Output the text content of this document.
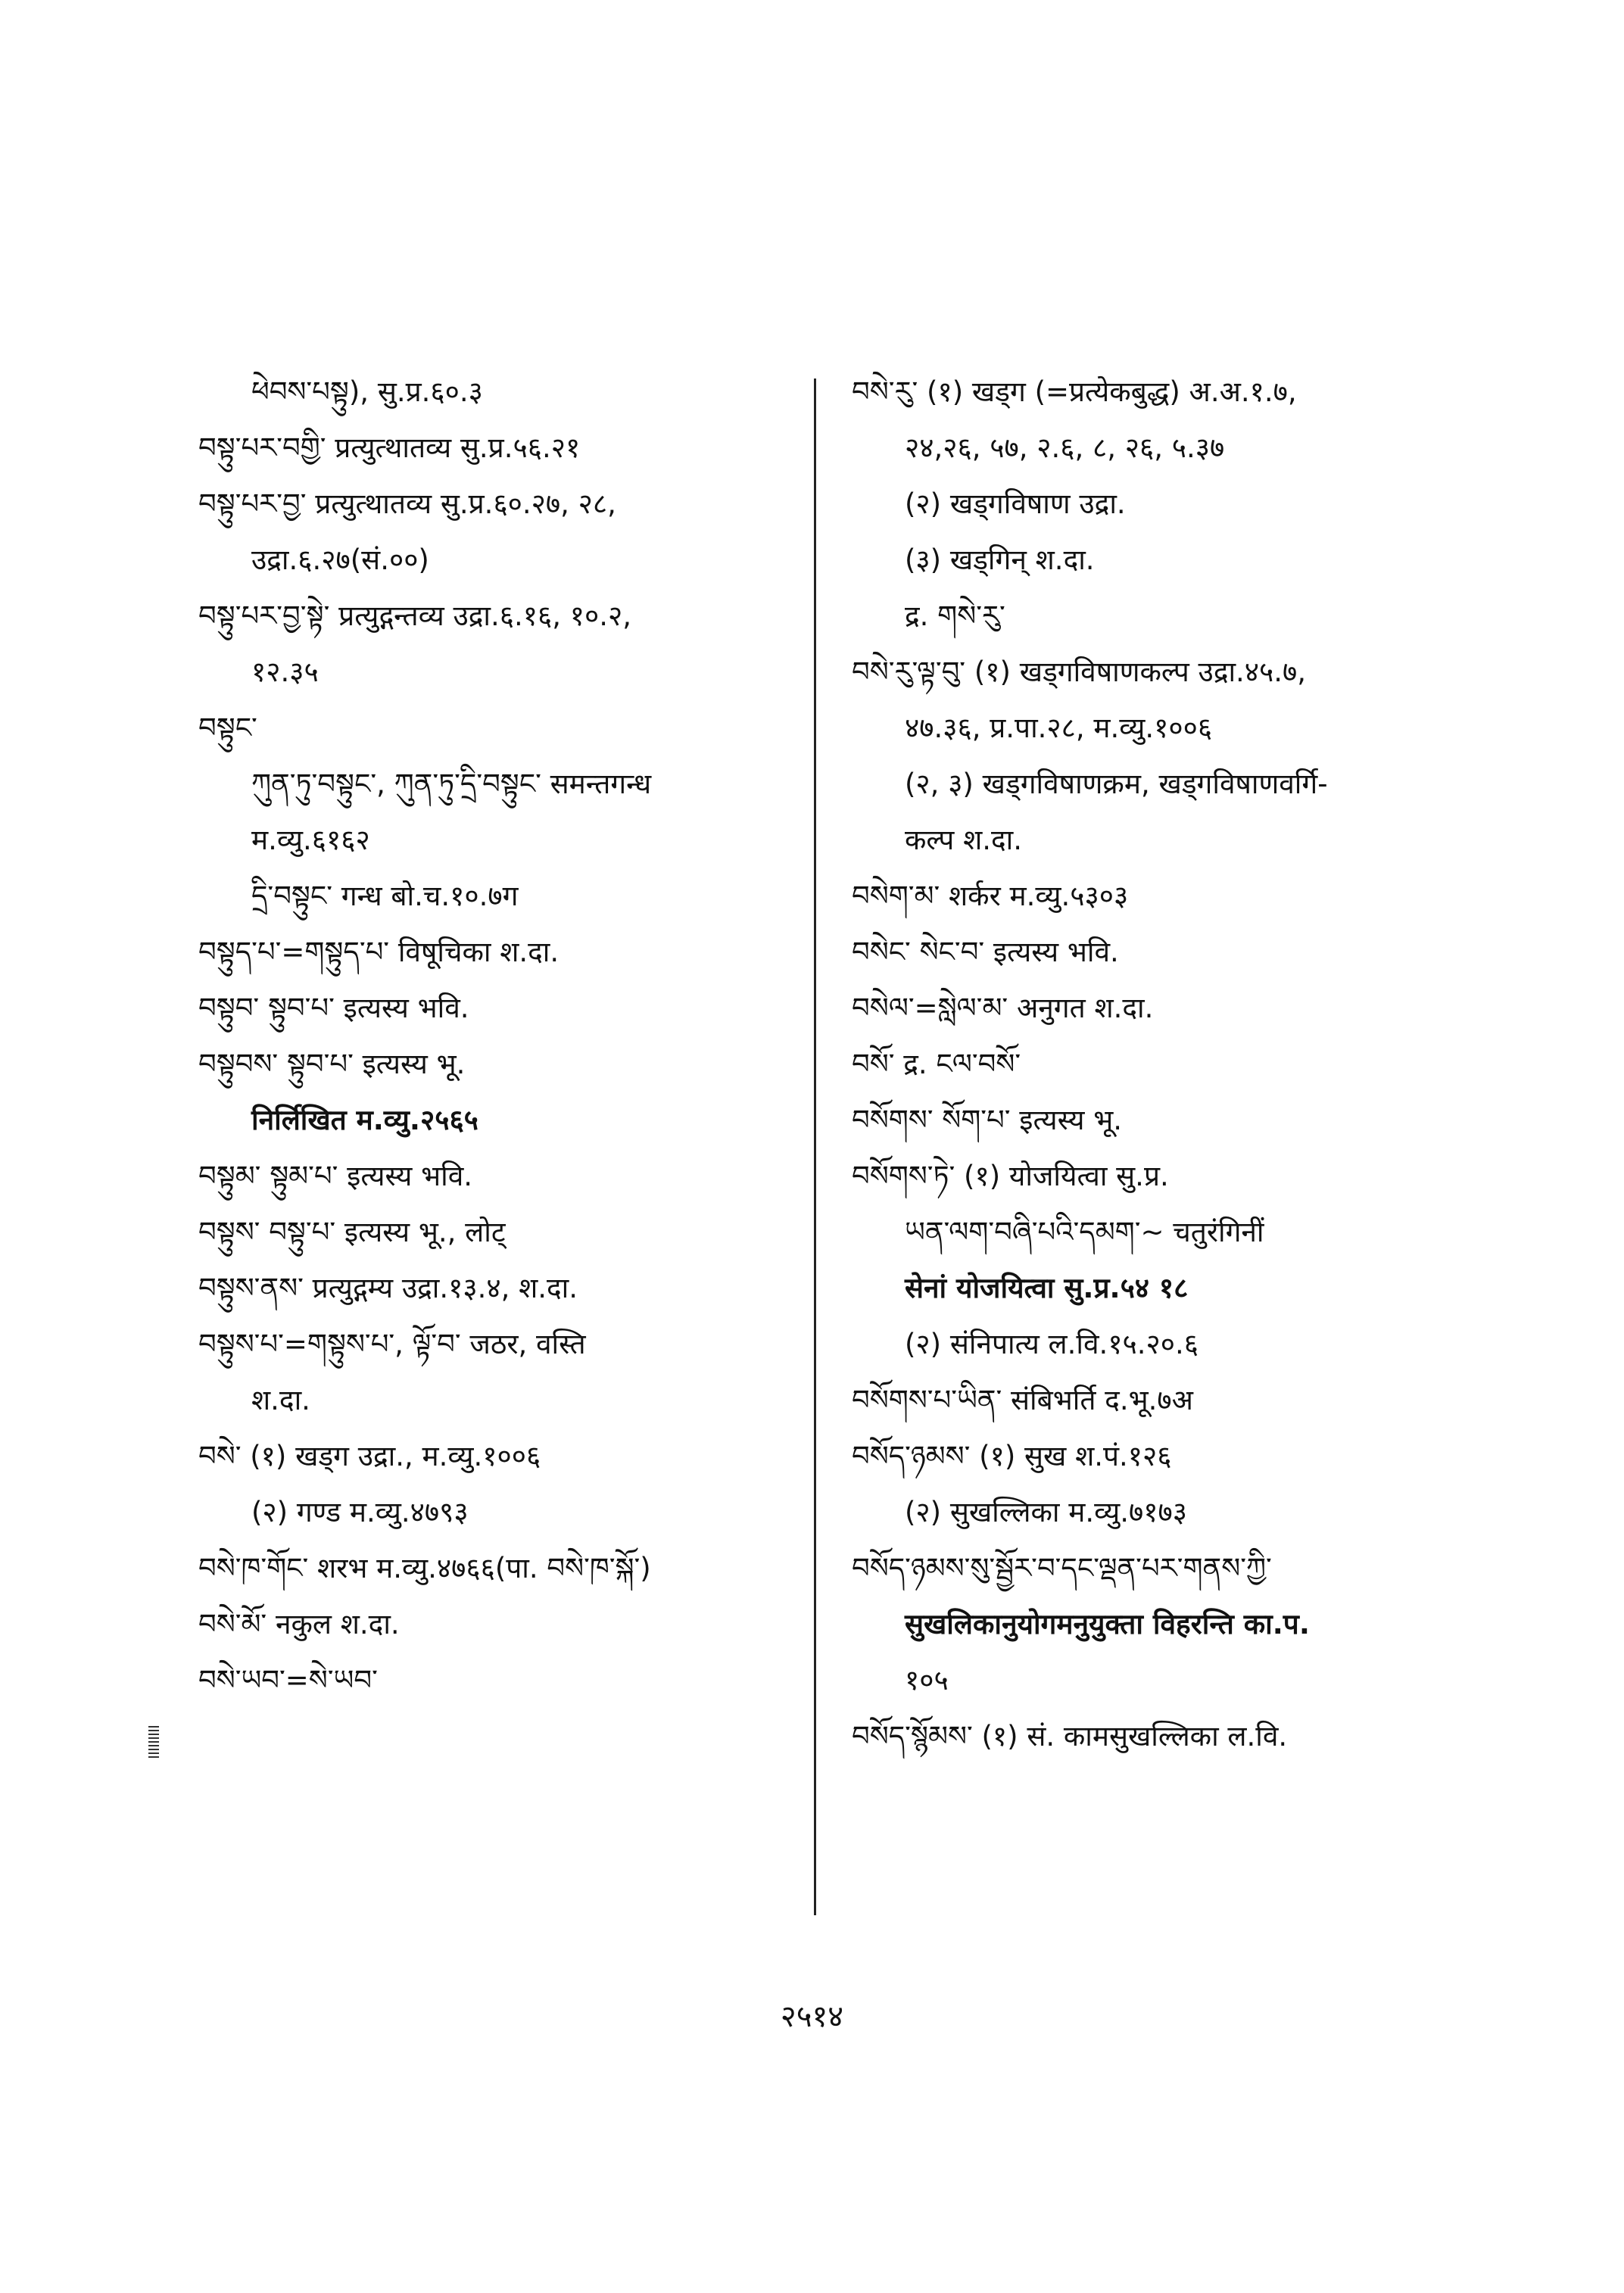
ཕེབས་པསྟུ), सु.प्र.६०.३
བསྟུ་པར་བགྱི་ प्रत्युत्थातव्य सु.प्र.५६.२१
བསྟུ་པར་བྱ་ प्रत्युत्थातव्य सु.प्र.६०.२७, २८,
उद्रा.६.२७(सं.००)
བསྟུ་པར་བྱ་སྟེ་ प्रत्युद्गन्तव्य उद्रा.६.१६, १०.२,
१२.३५
བསྟུང་
ཀུན་ཏུ་བསྟུང་, ཀུན་ཏུ་དྲི་བསྟུང་ समन्तगन्ध
म.व्यु.६१६२
དྲི་བསྟུང་ गन्ध बो.च.१०.७ग
བསྟུད་པ་=གསྟུད་པ་ विषूचिका श.दा.
བསྟུབ་ སྟུབ་པ་ इत्यस्य भवि.
བསྟུབས་ སྟུབ་པ་ इत्यस्य भू.
निर्लिखित म.व्यु.२५६५
བསྟུམ་ སྟུམ་པ་ इत्यस्य भवि.
བསྟུས་ བསྟུ་པ་ इत्यस्य भू., लोट्
བསྟུས་ནས་ प्रत्युद्गम्य उद्रा.१३.४, श.दा.
བསྟུས་པ་=གསྟུས་པ་, ལྟོ་བ་ जठर, वस्ति
श.दा.
བསེ་ (१) खड्ग उद्रा., म.व्यु.१००६
(२) गण्ड म.व्यु.४७९३
བསེ་ཁ་གོང་ शरभ म.व्यु.४७६६(पा. བསེ་ཁ་སྐོ་)
བསེ་མོ་ नकुल श.दा.
བསེ་ཡབ་=སེ་ཡབ་
བསེ་རུ་ (१) खड्ग (=प्रत्येकबुद्ध) अ.अ.१.७,
२४,२६, ५७, २.६, ८, २६, ५.३७
(२) खड्गविषाण उद्रा.
(३) खड्गिन् श.दा.
द्र. གསེ་རུ་
བསེ་རུ་ལྟ་བུ་ (१) खड्गविषाणकल्प उद्रा.४५.७,
४७.३६, प्र.पा.२८, म.व्यु.१००६
(२, ३) खड्गविषाणक्रम, खड्गविषाणवर्गि-
कल्प श.दा.
བསེག་མ་ शर्कर म.व्यु.५३०३
བསེང་ སེང་བ་ इत्यस्य भवि.
བསེལ་=སླེལ་མ་ अनुगत श.दा.
བསོ་ द्र. ངལ་བསོ་
བསོགས་ སོག་པ་ इत्यस्य भू.
བསོགས་ཏེ་ (१) योजयित्वा सु.प्र.
ཡན་ལག་བཞི་པའི་དམག་~ चतुरंगिनीं
सेनां योजयित्वा सु.प्र.५४ १८
(२) संनिपात्य ल.वि.१५.२०.६
བསོགས་པ་ཡིན་ संबिभर्ति द.भू.७अ
བསོད་ཉམས་ (१) सुख श.पं.१२६
(२) सुखल्लिका म.व्यु.७१७३
བསོད་ཉམས་སུ་སྦྱོར་བ་དང་ལྡན་པར་གནས་ཀྱི་
सुखलिकानुयोगमनुयुक्ता विहरन्ति का.प.
१०५
བསོད་སྙོམས་ (१) सं. कामसुखल्लिका ल.वि.
२५१४
